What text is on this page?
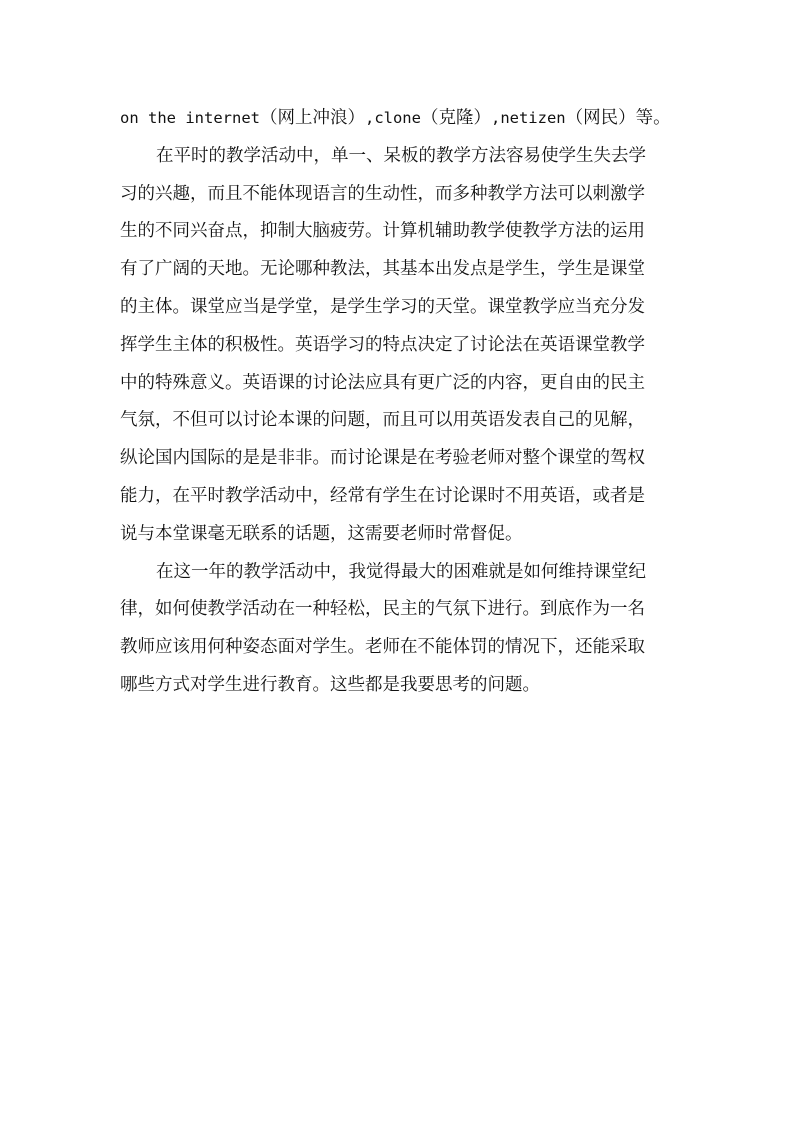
on the internet（网上冲浪）,clone（克隆）,netizen（网民）等。
在平时的教学活动中，单一、呆板的教学方法容易使学生失去学
习的兴趣，而且不能体现语言的生动性，而多种教学方法可以刺激学
生的不同兴奋点，抑制大脑疲劳。计算机辅助教学使教学方法的运用
有了广阔的天地。无论哪种教法，其基本出发点是学生，学生是课堂
的主体。课堂应当是学堂，是学生学习的天堂。课堂教学应当充分发
挥学生主体的积极性。英语学习的特点决定了讨论法在英语课堂教学
中的特殊意义。英语课的讨论法应具有更广泛的内容，更自由的民主
气氛，不但可以讨论本课的问题，而且可以用英语发表自己的见解，
纵论国内国际的是是非非。而讨论课是在考验老师对整个课堂的驾权
能力，在平时教学活动中，经常有学生在讨论课时不用英语，或者是
说与本堂课毫无联系的话题，这需要老师时常督促。
在这一年的教学活动中，我觉得最大的困难就是如何维持课堂纪
律，如何使教学活动在一种轻松，民主的气氛下进行。到底作为一名
教师应该用何种姿态面对学生。老师在不能体罚的情况下，还能采取
哪些方式对学生进行教育。这些都是我要思考的问题。
